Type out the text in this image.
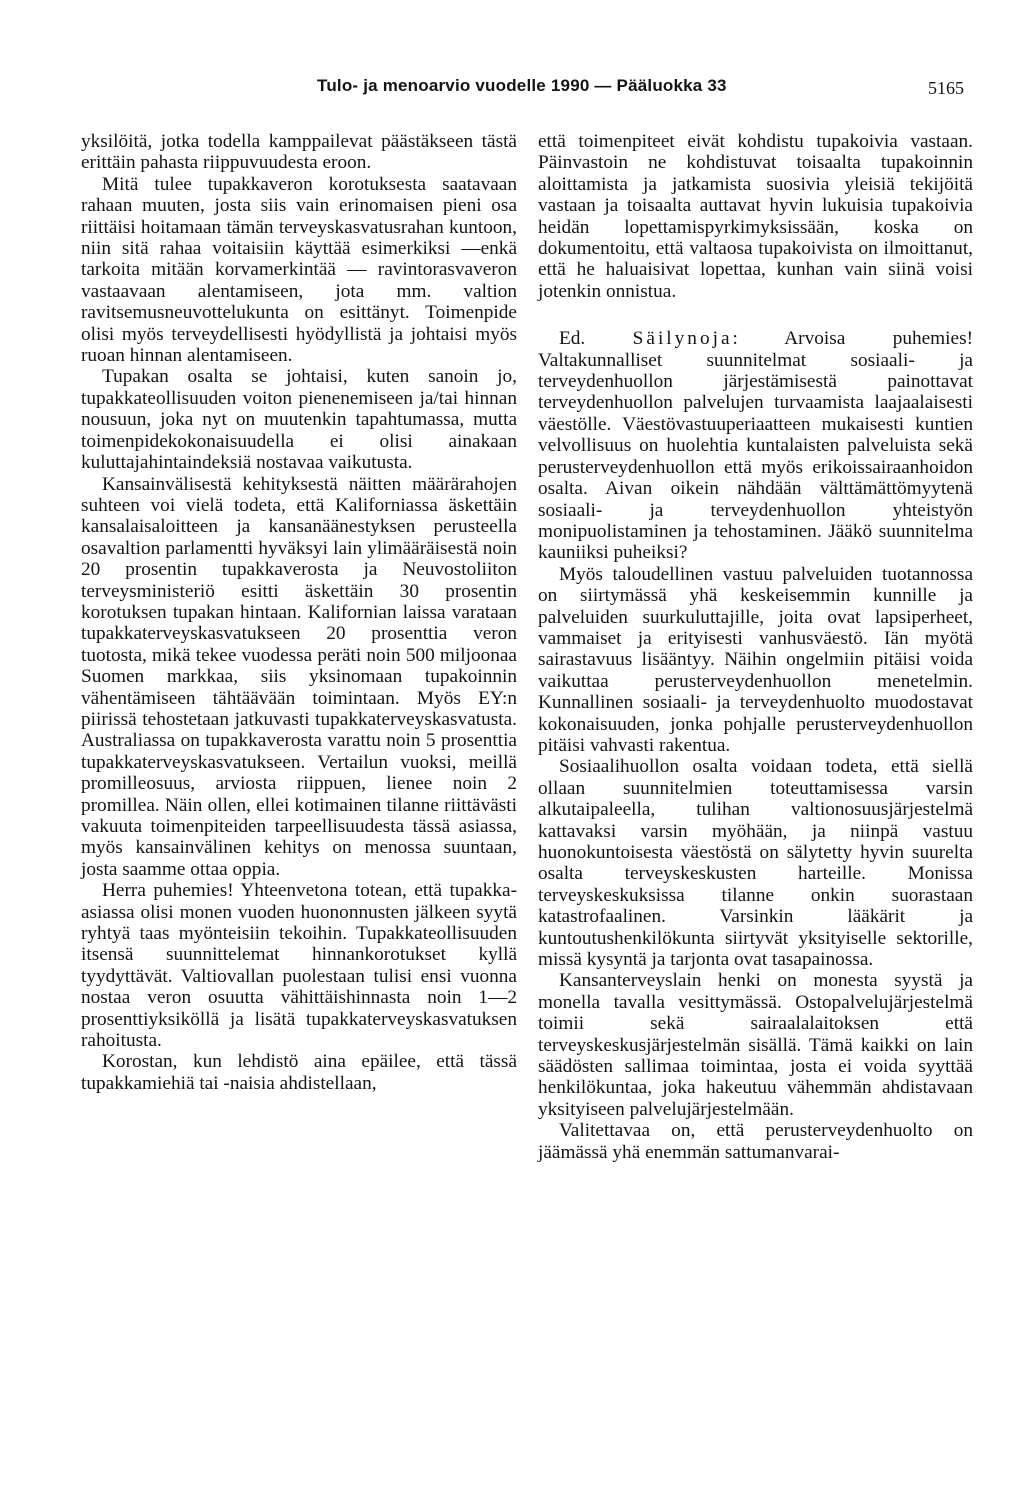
Tulo- ja menoarvio vuodelle 1990 — Pääluokka 33	5165

yksilöitä, jotka todella kamppailevat päästäkseen tästä erittäin pahasta riippuvuudesta eroon.

Mitä tulee tupakkaveron korotuksesta saatavaan rahaan muuten, josta siis vain erinomaisen pieni osa riittäisi hoitamaan tämän terveyskasvatusrahan kuntoon, niin sitä rahaa voitaisiin käyttää esimerkiksi —enkä tarkoita mitään korvamerkintää — ravintorasvaveron vastaavaan alentamiseen, jota mm. valtion ravitsemusneuvottelukunta on esittänyt. Toimenpide olisi myös terveydellisesti hyödyllistä ja johtaisi myös ruoan hinnan alentamiseen.

Tupakan osalta se johtaisi, kuten sanoin jo, tupakkateollisuuden voiton pienenemiseen ja/tai hinnan nousuun, joka nyt on muutenkin tapahtumassa, mutta toimenpidekokonaisuudella ei olisi ainakaan kuluttajahintaindeksiä nostavaa vaikutusta.

Kansainvälisestä kehityksestä näitten määrärahojen suhteen voi vielä todeta, että Kaliforniassa äskettäin kansalaisaloitteen ja kansanäänestyksen perusteella osavaltion parlamentti hyväksyi lain ylimääräisestä noin 20 prosentin tupakkaverosta ja Neuvostoliiton terveysministeriö esitti äskettäin 30 prosentin korotuksen tupakan hintaan. Kalifornian laissa varataan tupakkaterveyskasvatukseen 20 prosenttia veron tuotosta, mikä tekee vuodessa peräti noin 500 miljoonaa Suomen markkaa, siis yksinomaan tupakoinnin vähentämiseen tähtäävään toimintaan. Myös EY:n piirissä tehostetaan jatkuvasti tupakkaterveyskasvatusta. Australiassa on tupakkaverosta varattu noin 5 prosenttia tupakkaterveyskasvatukseen. Vertailun vuoksi, meillä promilleosuus, arviosta riippuen, lienee noin 2 promillea. Näin ollen, ellei kotimainen tilanne riittävästi vakuuta toimenpiteiden tarpeellisuudesta tässä asiassa, myös kansainvälinen kehitys on menossa suuntaan, josta saamme ottaa oppia.

Herra puhemies! Yhteenvetona totean, että tupakka-asiassa olisi monen vuoden huononnusten jälkeen syytä ryhtyä taas myönteisiin tekoihin. Tupakkateollisuuden itsensä suunnittelemat hinnankorotukset kyllä tyydyttävät. Valtiovallan puolestaan tulisi ensi vuonna nostaa veron osuutta vähittäishinnasta noin 1—2 prosenttiyksiköllä ja lisätä tupakkaterveyskasvatuksen rahoitusta.

Korostan, kun lehdistö aina epäilee, että tässä tupakkamiehiä tai -naisia ahdistellaan,

että toimenpiteet eivät kohdistu tupakoivia vastaan. Päinvastoin ne kohdistuvat toisaalta tupakoinnin aloittamista ja jatkamista suosivia yleisiä tekijöitä vastaan ja toisaalta auttavat hyvin lukuisia tupakoivia heidän lopettamispyrkimyksissään, koska on dokumentoitu, että valtaosa tupakoivista on ilmoittanut, että he haluaisivat lopettaa, kunhan vain siinä voisi jotenkin onnistua.

Ed. Säilynoja: Arvoisa puhemies! Valtakunnalliset suunnitelmat sosiaali- ja terveydenhuollon järjestämisestä painottavat terveydenhuollon palvelujen turvaamista laajaalaisesti väestölle. Väestövastuuperiaatteen mukaisesti kuntien velvollisuus on huolehtia kuntalaisten palveluista sekä perusterveydenhuollon että myös erikoissairaanhoidon osalta. Aivan oikein nähdään välttämättömyytenä sosiaali- ja terveydenhuollon yhteistyön monipuolistaminen ja tehostaminen. Jääkö suunnitelma kauniiksi puheiksi?

Myös taloudellinen vastuu palveluiden tuotannossa on siirtymässä yhä keskeisemmin kunnille ja palveluiden suurkuluttajille, joita ovat lapsiperheet, vammaiset ja erityisesti vanhusväestö. Iän myötä sairastavuus lisääntyy. Näihin ongelmiin pitäisi voida vaikuttaa perusterveydenhuollon menetelmin. Kunnallinen sosiaali- ja terveydenhuolto muodostavat kokonaisuuden, jonka pohjalle perusterveydenhuollon pitäisi vahvasti rakentua.

Sosiaalihuollon osalta voidaan todeta, että siellä ollaan suunnitelmien toteuttamisessa varsin alkutaipaleella, tulihan valtionosuusjärjestelmä kattavaksi varsin myöhään, ja niinpä vastuu huonokuntoisesta väestöstä on sälytetty hyvin suurelta osalta terveyskeskusten harteille. Monissa terveyskeskuksissa tilanne onkin suorastaan katastrofaalinen. Varsinkin lääkärit ja kuntoutushenkilökunta siirtyvät yksityiselle sektorille, missä kysyntä ja tarjonta ovat tasapainossa.

Kansanterveyslain henki on monesta syystä ja monella tavalla vesittymässä. Ostopalvelujärjestelmä toimii sekä sairaalalaitoksen että terveyskeskusjärjestelmän sisällä. Tämä kaikki on lain säädösten sallimaa toimintaa, josta ei voida syyttää henkilökuntaa, joka hakeutuu vähemmän ahdistavaan yksityiseen palvelujärjestelmään.

Valitettavaa on, että perusterveydenhuolto on jäämässä yhä enemmän sattumanvarai-
